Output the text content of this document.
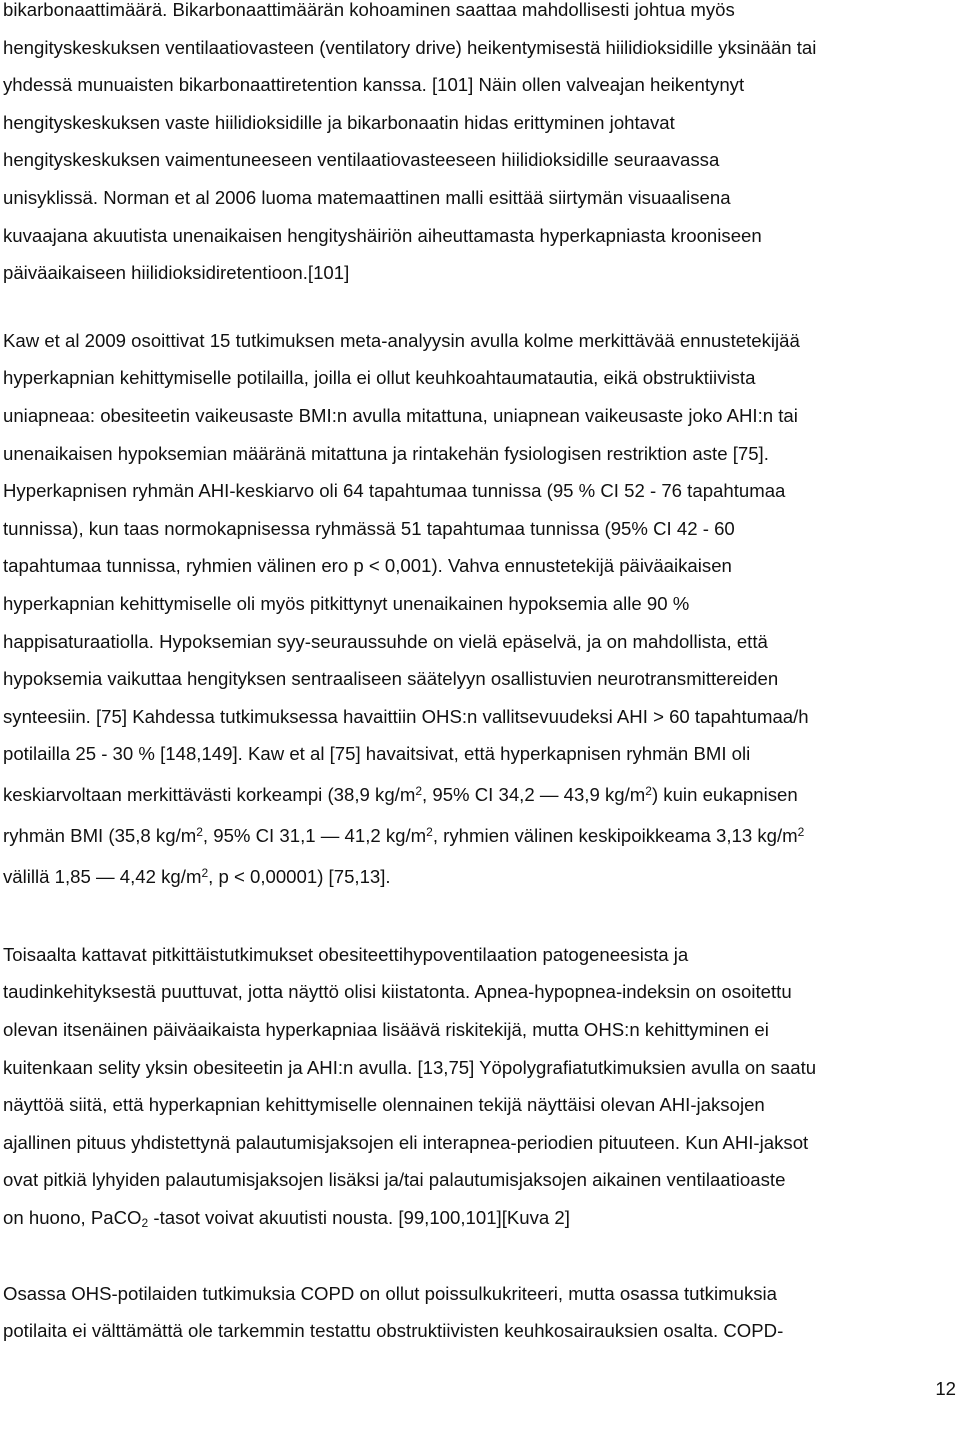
bikarbonaattimäärä. Bikarbonaattimäärän kohoaminen saattaa mahdollisesti johtua myös
hengityskeskuksen ventilaatiovasteen (ventilatory drive) heikentymisestä hiilidioksidille yksinään tai
yhdessä munuaisten bikarbonaattiretention kanssa. [101] Näin ollen valveajan heikentynyt
hengityskeskuksen vaste hiilidioksidille ja bikarbonaatin hidas erittyminen johtavat
hengityskeskuksen vaimentuneeseen ventilaatiovasteeseen hiilidioksidille seuraavassa
unisyklissä. Norman et al 2006 luoma matemaattinen malli esittää siirtymän visuaalisena
kuvaajana akuutista unenaikaisen hengityshäiriön aiheuttamasta hyperkapniasta krooniseen
päiväaikaiseen hiilidioksidiretentioon.[101]
Kaw et al 2009 osoittivat 15 tutkimuksen meta-analyysin avulla kolme merkittävää ennustetekijää
hyperkapnian kehittymiselle potilailla, joilla ei ollut keuhkoahtaumatautia, eikä obstruktiivista
uniapneaa: obesiteetin vaikeusaste BMI:n avulla mitattuna, uniapnean vaikeusaste joko AHI:n tai
unenaikaisen hypoksemian määränä mitattuna ja rintakehän fysiologisen restriktion aste [75].
Hyperkapnisen ryhmän AHI-keskiarvo oli 64 tapahtumaa tunnissa (95 % CI 52 - 76 tapahtumaa
tunnissa), kun taas normokapnisessa ryhmässä 51 tapahtumaa tunnissa (95% CI 42 - 60
tapahtumaa tunnissa, ryhmien välinen ero p < 0,001). Vahva ennustetekijä päiväaikaisen
hyperkapnian kehittymiselle oli myös pitkittynyt unenaikainen hypoksemia alle 90 %
happisaturaatiolla. Hypoksemian syy-seuraussuhde on vielä epäselvä, ja on mahdollista, että
hypoksemia vaikuttaa hengityksen sentraaliseen säätelyyn osallistuvien neurotransmittereiden
synteesiin. [75] Kahdessa tutkimuksessa havaittiin OHS:n vallitsevuudeksi AHI > 60 tapahtumaa/h
potilailla 25 - 30 % [148,149]. Kaw et al [75] havaitsivat, että hyperkapnisen ryhmän BMI oli
keskiarvoltaan merkittävästi korkeampi (38,9 $kg/m^2$, 95% CI 34,2 — 43,9 $kg/m^2$) kuin eukapnisen
ryhmän BMI (35,8 $kg/m^2$, 95% CI 31,1 — 41,2 $kg/m^2$, ryhmien välinen keskipoikkeama 3,13 $kg/m^2$
välillä 1,85 — 4,42 $kg/m^2$, p < 0,00001) [75,13].
Toisaalta kattavat pitkittäistutkimukset obesiteettihypoventilaation patogeneesista ja
taudinkehityksestä puuttuvat, jotta näyttö olisi kiistatonta. Apnea-hypopnea-indeksin on osoitettu
olevan itsenäinen päiväaikaista hyperkapniaa lisäävä riskitekijä, mutta OHS:n kehittyminen ei
kuitenkaan selity yksin obesiteetin ja AHI:n avulla. [13,75] Yöpolygrafiatutkimuksien avulla on saatu
näyttöä siitä, että hyperkapnian kehittymiselle olennainen tekijä näyttäisi olevan AHI-jaksojen
ajallinen pituus yhdistettynä palautumisjaksojen eli interapnea-periodien pituuteen. Kun AHI-jaksot
ovat pitkiä lyhyiden palautumisjaksojen lisäksi ja/tai palautumisjaksojen aikainen ventilaatioaste
on huono, PaCO$_2$ -tasot voivat akuutisti nousta. [99,100,101][Kuva 2]
Osassa OHS-potilaiden tutkimuksia COPD on ollut poissulkukriteeri, mutta osassa tutkimuksia
potilaita ei välttämättä ole tarkemmin testattu obstruktiivisten keuhkosairauksien osalta. COPD-
12
